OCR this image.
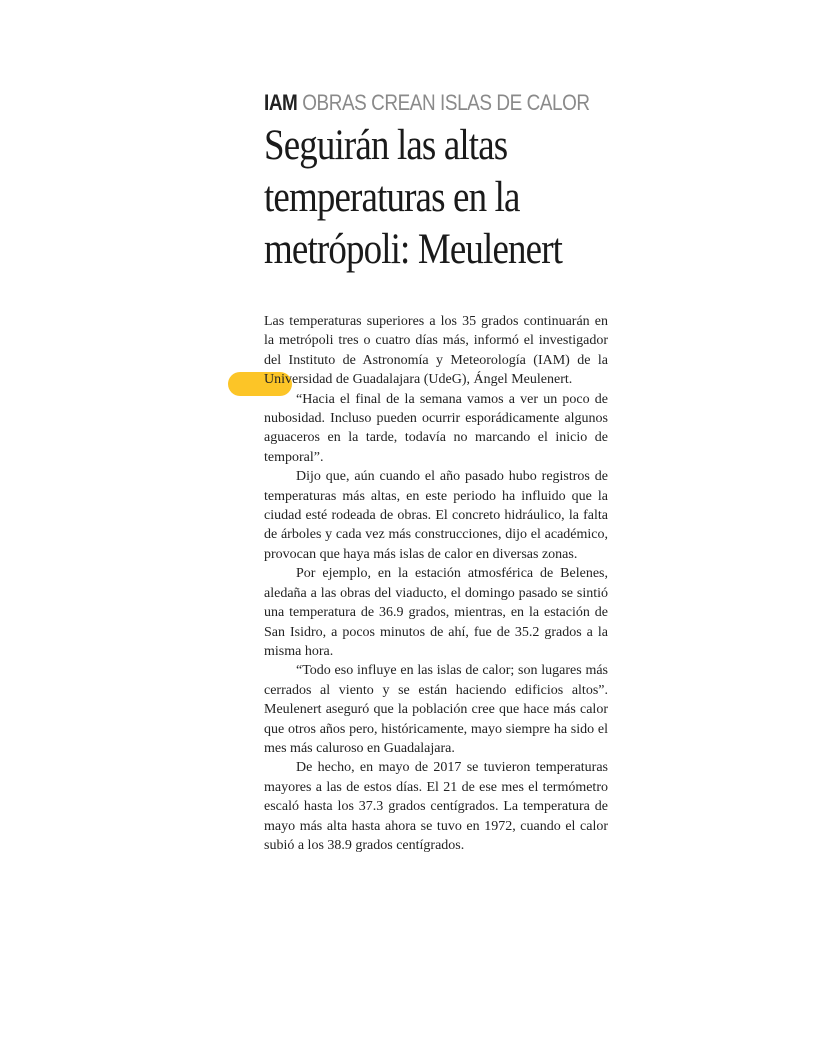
IAM OBRAS CREAN ISLAS DE CALOR
Seguirán las altas temperaturas en la metrópoli: Meulenert

Las temperaturas superiores a los 35 grados continuarán en la metrópoli tres o cuatro días más, informó el investigador del Instituto de Astronomía y Meteorología (IAM) de la Universidad de Guadalajara (UdeG), Ángel Meulenert.

“Hacia el final de la semana vamos a ver un poco de nubosidad. Incluso pueden ocurrir esporádicamente algunos aguaceros en la tarde, todavía no marcando el inicio de temporal”.

Dijo que, aún cuando el año pasado hubo registros de temperaturas más altas, en este periodo ha influido que la ciudad esté rodeada de obras. El concreto hidráulico, la falta de árboles y cada vez más construcciones, dijo el académico, provocan que haya más islas de calor en diversas zonas.

Por ejemplo, en la estación atmosférica de Belenes, aledaña a las obras del viaducto, el domingo pasado se sintió una temperatura de 36.9 grados, mientras, en la estación de San Isidro, a pocos minutos de ahí, fue de 35.2 grados a la misma hora.

“Todo eso influye en las islas de calor; son lugares más cerrados al viento y se están haciendo edificios altos”. Meulenert aseguró que la población cree que hace más calor que otros años pero, históricamente, mayo siempre ha sido el mes más caluroso en Guadalajara.

De hecho, en mayo de 2017 se tuvieron temperaturas mayores a las de estos días. El 21 de ese mes el termómetro escaló hasta los 37.3 grados centígrados. La temperatura de mayo más alta hasta ahora se tuvo en 1972, cuando el calor subió a los 38.9 grados centígrados.
